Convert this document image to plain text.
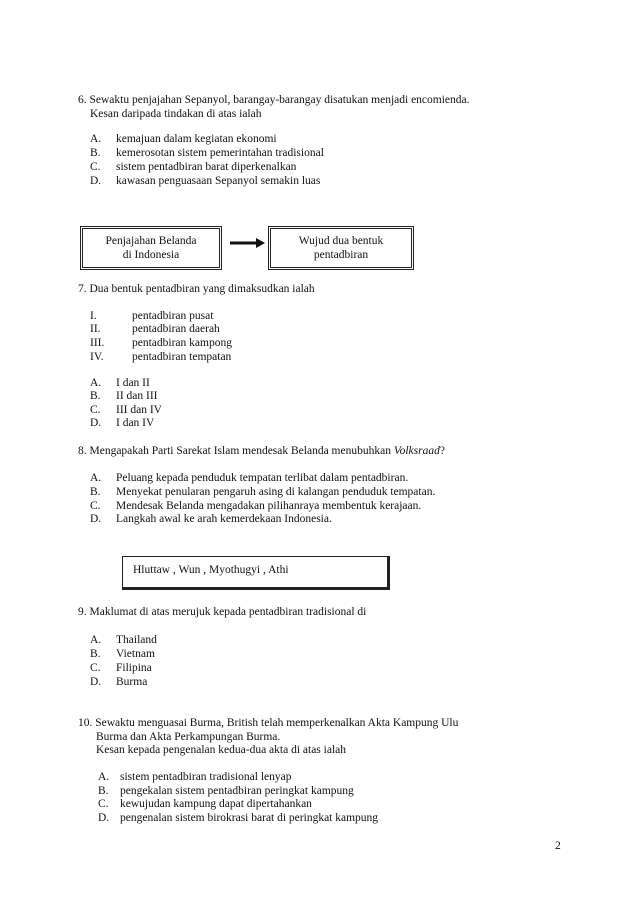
6. Sewaktu penjajahan Sepanyol, barangay-barangay disatukan menjadi encomienda.
Kesan daripada tindakan di atas ialah
A. kemajuan dalam kegiatan ekonomi
B. kemerosotan sistem pemerintahan tradisional
C. sistem pentadbiran barat diperkenalkan
D. kawasan penguasaan Sepanyol semakin luas
Penjajahan Belanda
di Indonesia
Wujud dua bentuk
pentadbiran
7. Dua bentuk pentadbiran yang dimaksudkan ialah
I.	pentadbiran pusat
II.	pentadbiran daerah
III. pentadbiran kampong
IV. pentadbiran tempatan
A. I dan II
B. II dan III
C. III dan IV
D. I dan IV
8. Mengapakah Parti Sarekat Islam mendesak Belanda menubuhkan Volksraad?
A. Peluang kepada penduduk tempatan terlibat dalam pentadbiran.
B. Menyekat penularan pengaruh asing di kalangan penduduk tempatan.
C. Mendesak Belanda mengadakan pilihanraya membentuk kerajaan.
D. Langkah awal ke arah kemerdekaan Indonesia.
Hluttaw , Wun , Myothugyi , Athi
9. Maklumat di atas merujuk kepada pentadbiran tradisional di
A. Thailand
B. Vietnam
C. Filipina
D. Burma
10. Sewaktu menguasai Burma, British telah memperkenalkan Akta Kampung Ulu
Burma dan Akta Perkampungan Burma.
Kesan kepada pengenalan kedua-dua akta di atas ialah
A. sistem pentadbiran tradisional lenyap
B. pengekalan sistem pentadbiran peringkat kampung
C. kewujudan kampung dapat dipertahankan
D. pengenalan sistem birokrasi barat di peringkat kampung
2
